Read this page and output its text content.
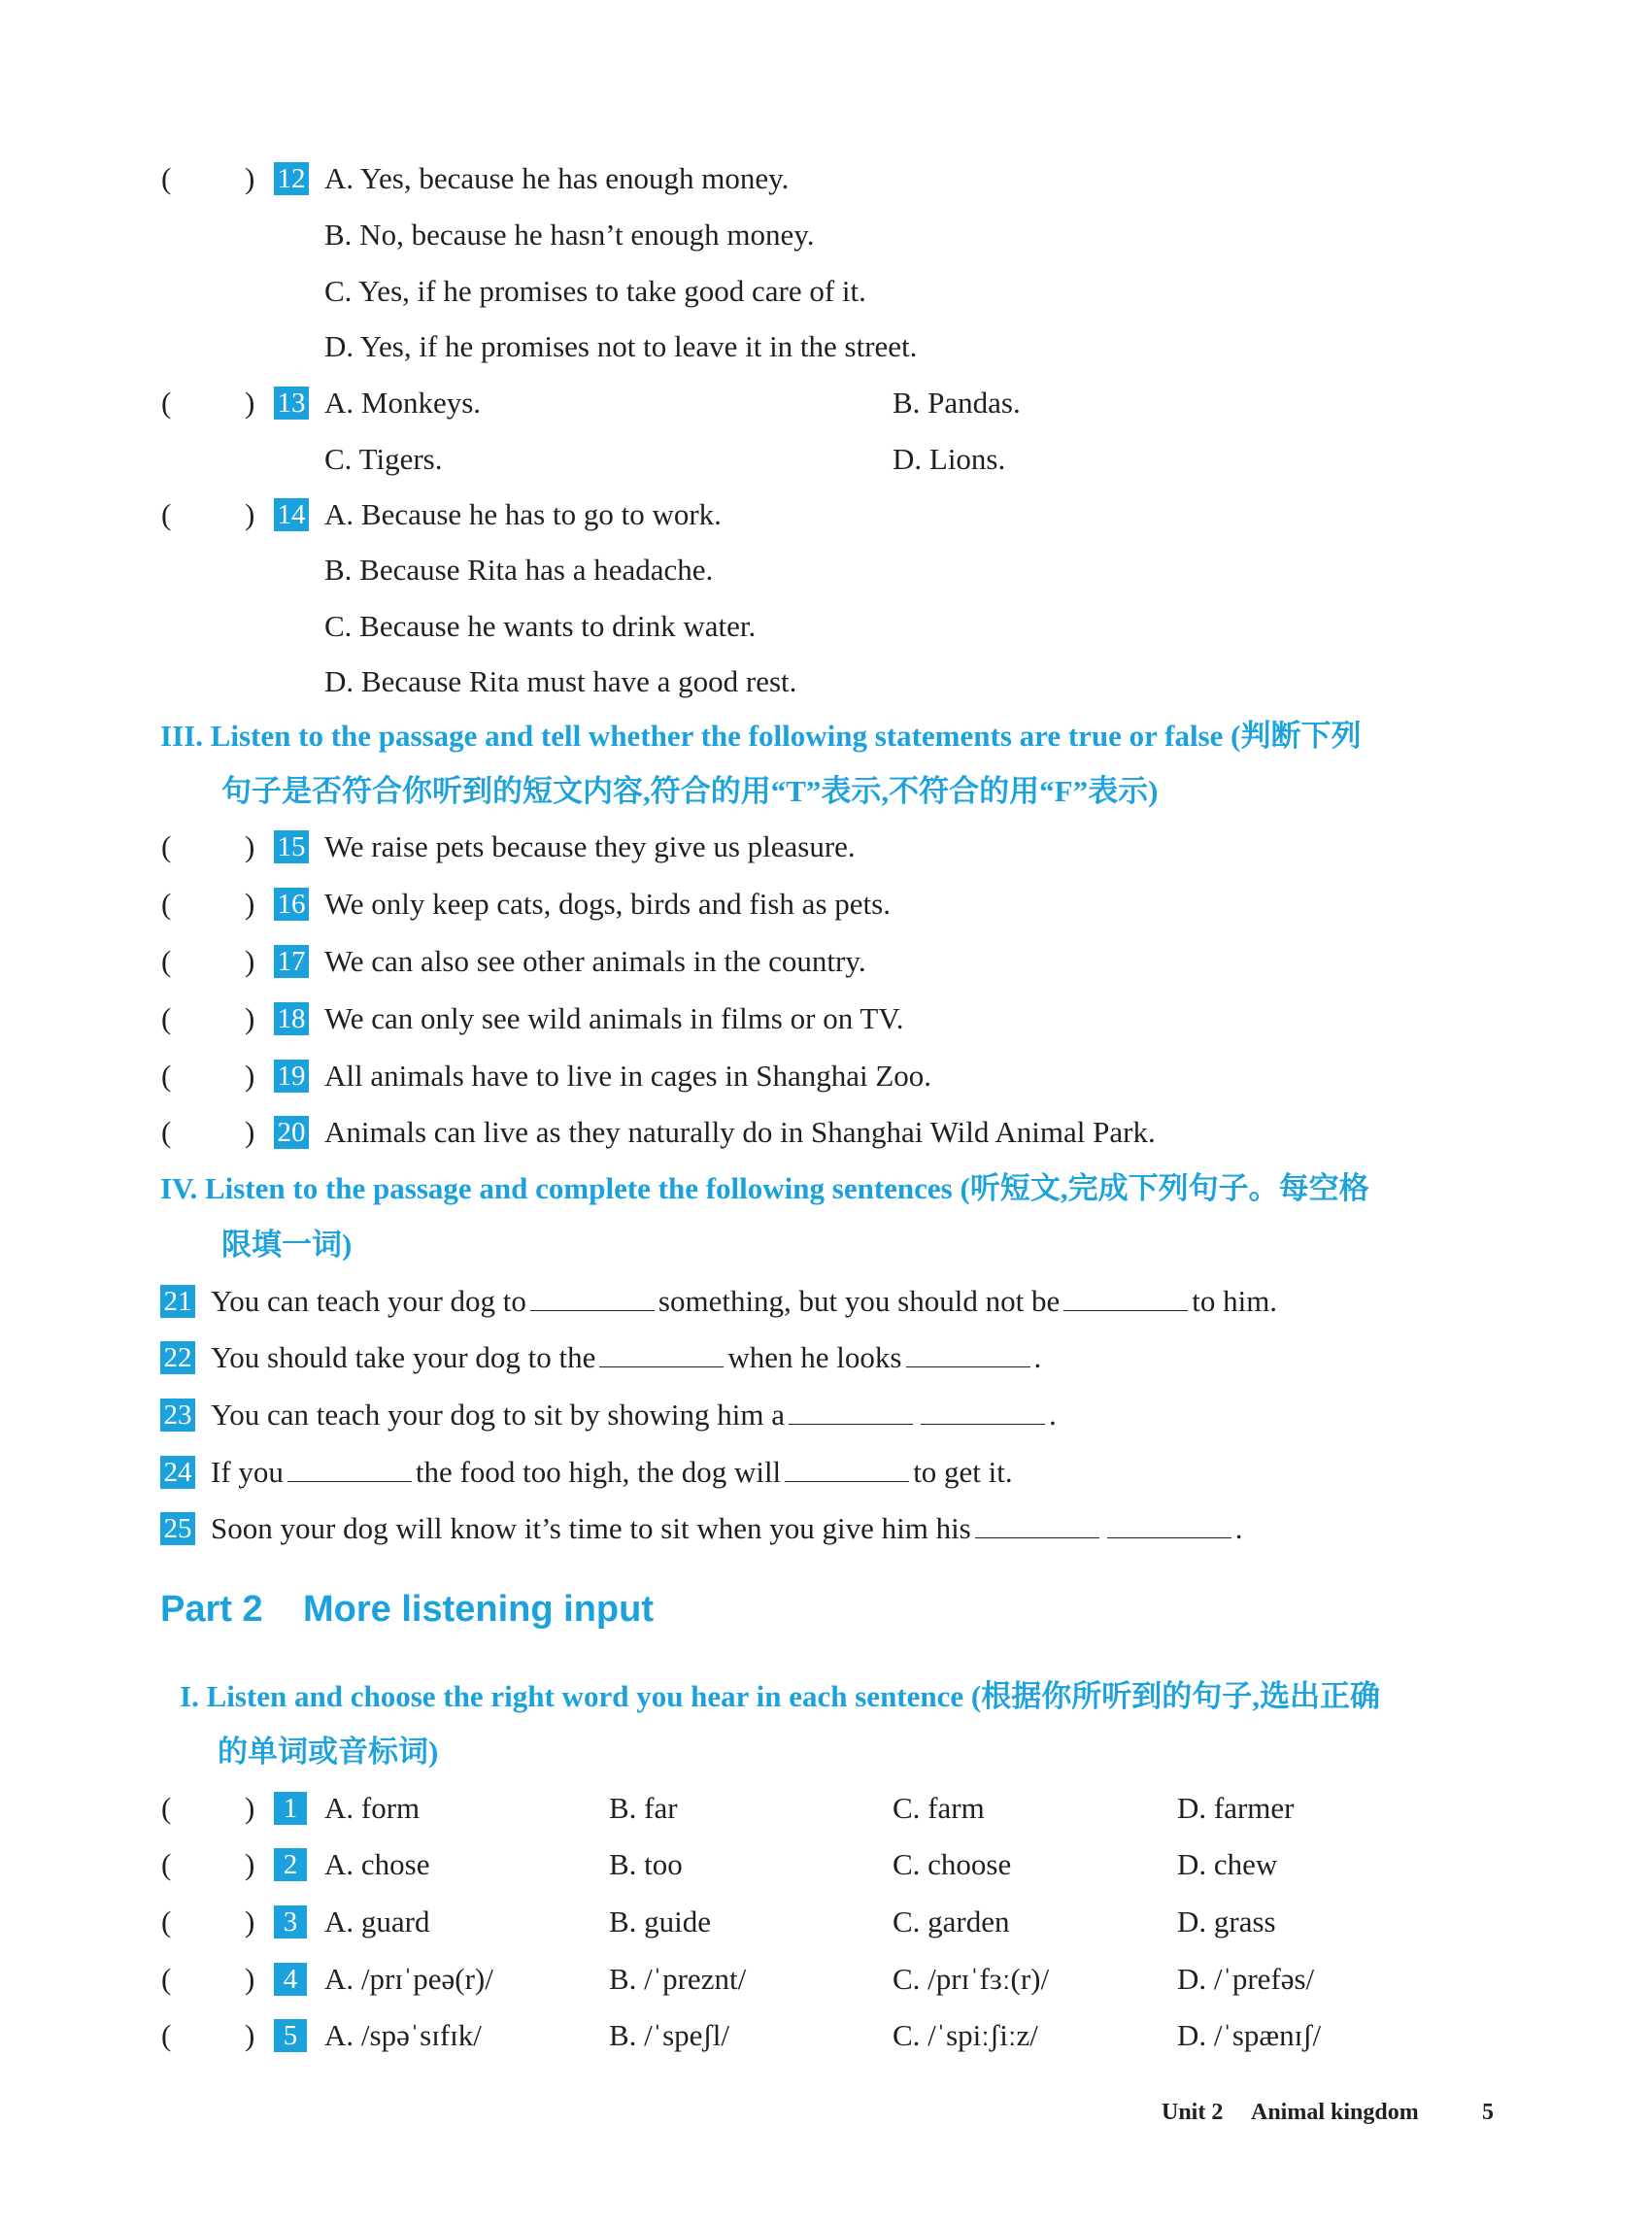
( ) 12 A. Yes, because he has enough money.
B. No, because he hasn’t enough money.
C. Yes, if he promises to take good care of it.
D. Yes, if he promises not to leave it in the street.
( ) 13 A. Monkeys.	B. Pandas.
C. Tigers.	D. Lions.
( ) 14 A. Because he has to go to work.
B. Because Rita has a headache.
C. Because he wants to drink water.
D. Because Rita must have a good rest.
III. Listen to the passage and tell whether the following statements are true or false (判断下列
句子是否符合你听到的短文内容,符合的用“T”表示,不符合的用“F”表示)
( ) 15 We raise pets because they give us pleasure.
( ) 16 We only keep cats, dogs, birds and fish as pets.
( ) 17 We can also see other animals in the country.
( ) 18 We can only see wild animals in films or on TV.
( ) 19 All animals have to live in cages in Shanghai Zoo.
( ) 20 Animals can live as they naturally do in Shanghai Wild Animal Park.
IV. Listen to the passage and complete the following sentences (听短文,完成下列句子。每空格
限填一词)
21 You can teach your dog to	something, but you should not be	to him.
22 You should take your dog to the	when he looks	.
23 You can teach your dog to sit by showing him a	.
24 If you	the food too high, the dog will	to get it.
25 Soon your dog will know it’s time to sit when you give him his	.
Part 2 More listening input
I. Listen and choose the right word you hear in each sentence (根据你所听到的句子,选出正确
的单词或音标词)
( )	1 A. form	B. far	C. farm	D. farmer
( )	2 A. chose	B. too	C. choose	D. chew
( )	3 A. guard	B. guide	C. garden	D. grass
( )	4 A. /prɪˈpeə(r)/	B. /ˈpreznt/	C. /prɪˈfɜː(r)/	D. /ˈprefəs/
( )	5 A. /spəˈsɪfɪk/	B. /ˈspeʃl/	C. /ˈspiːʃiːz/	D. /ˈspænɪʃ/
Unit 2 Animal kingdom	5
